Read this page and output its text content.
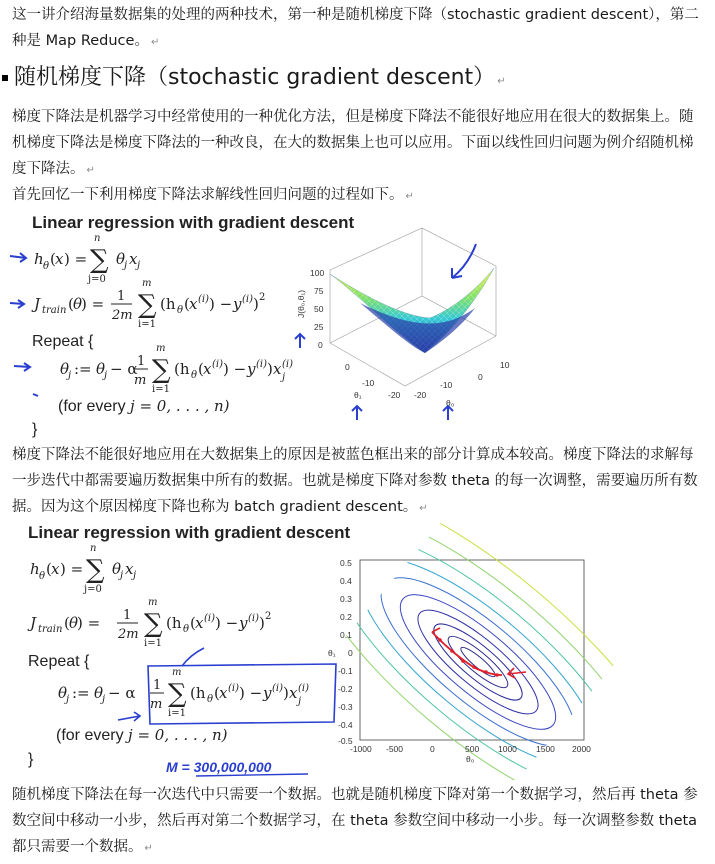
这一讲介绍海量数据集的处理的两种技术，第一种是随机梯度下降（stochastic gradient descent），第二种是 Map Reduce。 ↵

随机梯度下降（stochastic gradient descent） ↵

梯度下降法是机器学习中经常使用的一种优化方法，但是梯度下降法不能很好地应用在很大的数据集上。随机梯度下降法是梯度下降法的一种改良，在大的数据集上也可以应用。下面以线性回归问题为例介绍随机梯度下降法。 ↵

首先回忆一下利用梯度下降法求解线性回归问题的过程如下。 ↵

Linear regression with gradient descent
h θ ( x ) = ∑
n
j=0
θ
j x j
J train ( θ
) = 1
2m ∑
m
i=1
(h θ ( x (i) ) − y (i) ) 2
Repeat {
θ
j := θ
j − α 1
m ∑
m
i=1
(h θ ( x (i) ) − y (i) ) x (i)
j
(for every j = 0, . . . , n)
}
100
75
50
25
0
J(θ₀,θ₁)
10
0
-10
-20
θ₀
0
-10
-20
θ₁

梯度下降法不能很好地应用在大数据集上的原因是被蓝色框出来的部分计算成本较高。梯度下降法的求解每一步迭代中都需要遍历数据集中所有的数据。也就是梯度下降对参数 theta 的每一次调整，需要遍历所有数据。因为这个原因梯度下降也称为 batch gradient descent。 ↵

Linear regression with gradient descent
h θ ( x ) = ∑
n
j=0
θ
j x j
J train ( θ
) = 1
2m ∑
m
i=1
(h θ ( x (i) ) − y (i) ) 2
Repeat {
θ
j := θ
j − α 1
m ∑
m
i=1
(h θ ( x (i) ) − y (i) ) x (i)
j
(for every j = 0, . . . , n)
}	M = 300,000,000
0.5
0.4
0.3
0.2
0.1
0
-0.1
-0.2
-0.3
-0.4
-0.5
θ₁
-1000 -500	0	500 1000 1500 2000
θ₀

随机梯度下降法在每一次迭代中只需要一个数据。也就是随机梯度下降对第一个数据学习，然后再 theta 参数空间中移动一小步，然后再对第二个数据学习，在 theta 参数空间中移动一小步。每一次调整参数 theta 都只需要一个数据。 ↵
